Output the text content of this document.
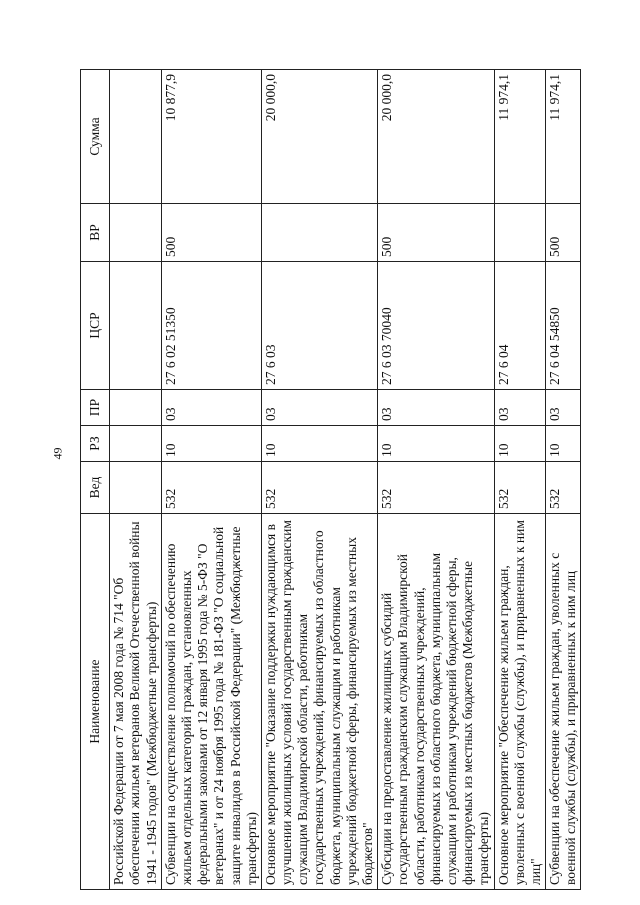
49
Наименование	Вед	РЗ	ПР	ЦСР	ВР	Сумма
Российской Федерации от 7 мая 2008 года № 714 "Об обеспечении жильем ветеранов Великой Отечественной войны 1941 - 1945 годов" (Межбюджетные трансферты)						
Субвенции на осуществление полномочий по обеспечению жильем отдельных категорий граждан, установленных федеральными законами от 12 января 1995 года № 5-ФЗ "О ветеранах" и от 24 ноября 1995 года № 181-ФЗ "О социальной защите инвалидов в Российской Федерации" (Межбюджетные трансферты)	532	10	03	27 6 02 51350	500	10 877,9
Основное мероприятие "Оказание поддержки нуждающимся в улучшении жилищных условий государственным гражданским служащим Владимирской области, работникам государственных учреждений, финансируемых из областного бюджета, муниципальным служащим и работникам учреждений бюджетной сферы, финансируемых из местных бюджетов"	532	10	03	27 6 03		20 000,0
Субсидии на предоставление жилищных субсидий государственным гражданским служащим Владимирской области, работникам государственных учреждений, финансируемых из областного бюджета, муниципальным служащим и работникам учреждений бюджетной сферы, финансируемых из местных бюджетов (Межбюджетные трансферты)	532	10	03	27 6 03 70040	500	20 000,0
Основное мероприятие "Обеспечение жильем граждан, уволенных с военной службы (службы), и приравненных к ним лиц"	532	10	03	27 6 04		11 974,1
Субвенции на обеспечение жильем граждан, уволенных с военной службы (службы), и приравненных к ним лиц	532	10	03	27 6 04 54850	500	11 974,1
